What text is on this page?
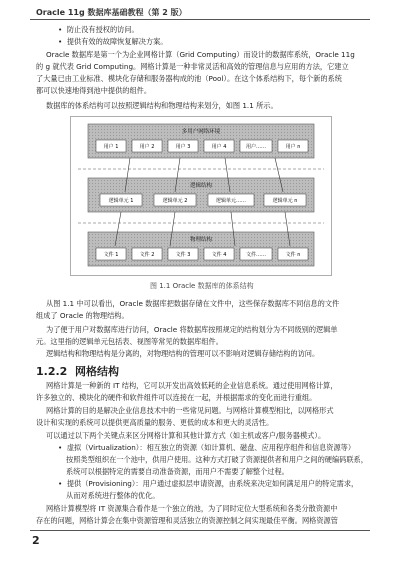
Oracle 11g 数据库基础教程（第 2 版）
•  防止没有授权的访问。
•  提供有效的故障恢复解决方案。
Oracle 数据库是第一个为企业网格计算（Grid Computing）而设计的数据库系统，Oracle 11g
的 g 就代表 Grid Computing。网格计算是一种非常灵活和高效的管理信息与应用的方法，它建立
了大量已由工业标准、模块化存储和服务器构成的池（Pool）。在这个体系结构下，每个新的系统
都可以快速地得到池中提供的组件。
数据库的体系结构可以按照逻辑结构和物理结构来划分，如图 1.1 所示。
多用户网络环境
逻辑结构
物理结构
用户 1	用户 2	用户 3	用户 4	用户……	用户 n
逻辑单元 1	逻辑单元 2	逻辑单元……	逻辑单元 n
文件 1	文件 2	文件 3	文件 4	文件……	文件 n
图 1.1 Oracle 数据库的体系结构
从图 1.1 中可以看出，Oracle 数据库把数据存储在文件中，这些保存数据库不同信息的文件
组成了 Oracle 的物理结构。
为了便于用户对数据库进行访问，Oracle 将数据库按照规定的结构划分为不同级别的逻辑单
元。这里指的逻辑单元包括表、视图等常见的数据库组件。
逻辑结构和物理结构是分离的，对物理结构的管理可以不影响对逻辑存储结构的访问。
1.2.2 网格结构
网格计算是一种新的 IT 结构，它可以开发出高效低耗的企业信息系统。通过使用网格计算，
许多独立的、模块化的硬件和软件组件可以连接在一起，并根据需求的变化而进行重组。
网格计算的目的是解决企业信息技术中的一些常见问题。与网格计算模型相比，以网格形式
设计和实现的系统可以提供更高质量的服务、更低的成本和更大的灵活性。
可以通过以下两个关键点来区分网格计算和其他计算方式（如主机或客户/服务器模式）。
•  虚拟（Virtualization）：相互独立的资源（如计算机、磁盘、应用程序组件和信息资源等）
按照类型组织在一个池中，供用户使用。这种方式打破了资源提供者和用户之间的硬编码联系，
系统可以根据特定的需要自动准备资源，而用户不需要了解整个过程。
•  提供（Provisioning）：用户通过虚拟层申请资源，由系统来决定如何满足用户的特定需求，
从而对系统进行整体的优化。
网格计算模型将 IT 资源集合看作是一个独立的池，为了同时定位大型系统和各类分散资源中
存在的问题，网格计算会在集中资源管理和灵活独立的资源控制之间实现最佳平衡。网格资源管
2
